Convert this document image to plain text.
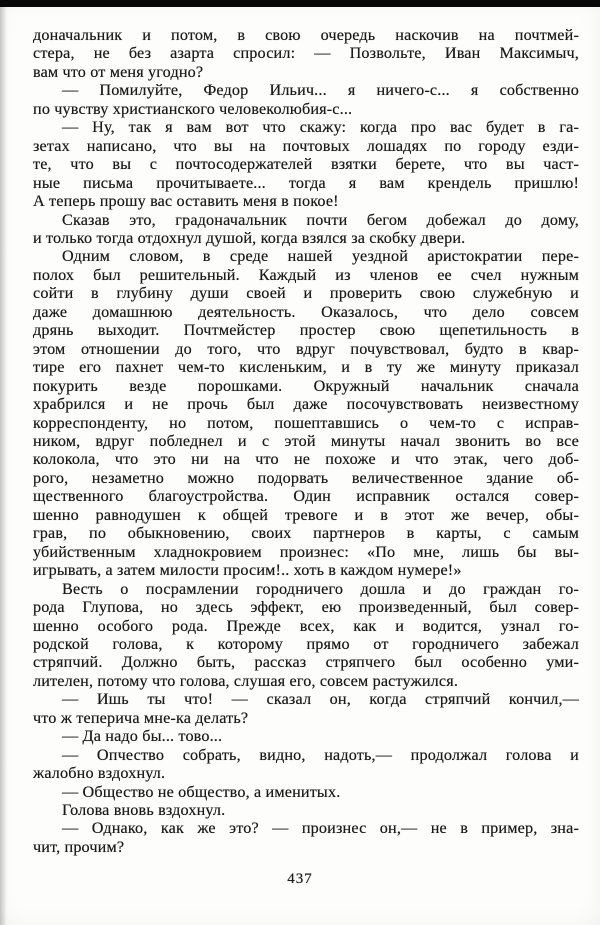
доначальник и потом, в свою очередь наскочив на почтмей-
стера, не без азарта спросил: — Позвольте, Иван Максимыч,
вам что от меня угодно?
— Помилуйте, Федор Ильич... я ничего-с... я собственно
по чувству христианского человеколюбия-с...
— Ну, так я вам вот что скажу: когда про вас будет в га-
зетах написано, что вы на почтовых лошадях по городу езди-
те, что вы с почтосодержателей взятки берете, что вы част-
ные письма прочитываете... тогда я вам крендель пришлю!
А теперь прошу вас оставить меня в покое!
Сказав это, градоначальник почти бегом добежал до дому,
и только тогда отдохнул душой, когда взялся за скобку двери.
Одним словом, в среде нашей уездной аристократии пере-
полох был решительный. Каждый из членов ее счел нужным
сойти в глубину души своей и проверить свою служебную и
даже домашнюю деятельность. Оказалось, что дело совсем
дрянь выходит. Почтмейстер простер свою щепетильность в
этом отношении до того, что вдруг почувствовал, будто в квар-
тире его пахнет чем-то кисленьким, и в ту же минуту приказал
покурить везде порошками. Окружный начальник сначала
храбрился и не прочь был даже посочувствовать неизвестному
корреспонденту, но потом, пошептавшись о чем-то с исправ-
ником, вдруг побледнел и с этой минуты начал звонить во все
колокола, что это ни на что не похоже и что этак, чего доб-
рого, незаметно можно подорвать величественное здание об-
щественного благоустройства. Один исправник остался совер-
шенно равнодушен к общей тревоге и в этот же вечер, обы-
грав, по обыкновению, своих партнеров в карты, с самым
убийственным хладнокровием произнес: «По мне, лишь бы вы-
игрывать, а затем милости просим!.. хоть в каждом нумере!»
Весть о посрамлении городничего дошла и до граждан го-
рода Глупова, но здесь эффект, ею произведенный, был совер-
шенно особого рода. Прежде всех, как и водится, узнал го-
родской голова, к которому прямо от городничего забежал
стряпчий. Должно быть, рассказ стряпчего был особенно уми-
лителен, потому что голова, слушая его, совсем растужился.
— Ишь ты что! — сказал он, когда стряпчий кончил,—
что ж теперича мне-ка делать?
— Да надо бы... тово...
— Опчество собрать, видно, надоть,— продолжал голова и
жалобно вздохнул.
— Общество не общество, а именитых.
Голова вновь вздохнул.
— Однако, как же это? — произнес он,— не в пример, зна-
чит, прочим?
437
